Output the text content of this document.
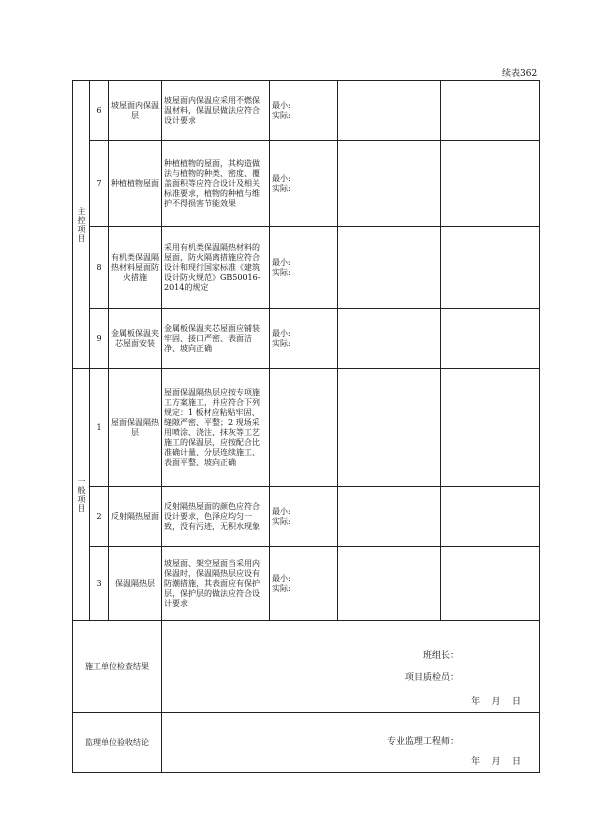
续表362
主控项目	6	坡屋面内保温层	坡屋面内保温应采用不燃保温材料，保温层做法应符合设计要求	最小:
实际:		
	7	种植植物屋面	种植植物的屋面，其构造做法与植物的种类、密度、覆盖面积等应符合设计及相关标准要求，植物的种植与维护不得损害节能效果	最小:
实际:		
	8	有机类保温隔热材料屋面防火措施	采用有机类保温隔热材料的屋面，防火隔离措施应符合设计和现行国家标准《建筑设计防火规范》GB50016-2014的规定	最小:
实际:		
	9	金属板保温夹芯屋面安装	金属板保温夹芯屋面应铺装牢固、接口严密、表面洁净、坡向正确	最小:
实际:		
一般项目	1	屋面保温隔热层	屋面保温隔热层应按专项施工方案施工，并应符合下列规定：1 板材应粘贴牢固、缝隙严密、平整；2 现场采用喷涂、浇注、抹灰等工艺施工的保温层，应按配合比准确计量、分层连续施工、表面平整、坡向正确			
	2	反射隔热屋面	反射隔热屋面的颜色应符合设计要求，色泽应均匀一致，没有污迹，无积水现象	最小:
实际:		
	3	保温隔热层	坡屋面、架空屋面当采用内保温时，保温隔热层应设有防潮措施，其表面应有保护层，保护层的做法应符合设计要求	最小:
实际:		
施工单位检查结果			班组长：
项目质检员：
年    月    日			

监理单位验收结论			专业监理工程师：
年    月    日			
